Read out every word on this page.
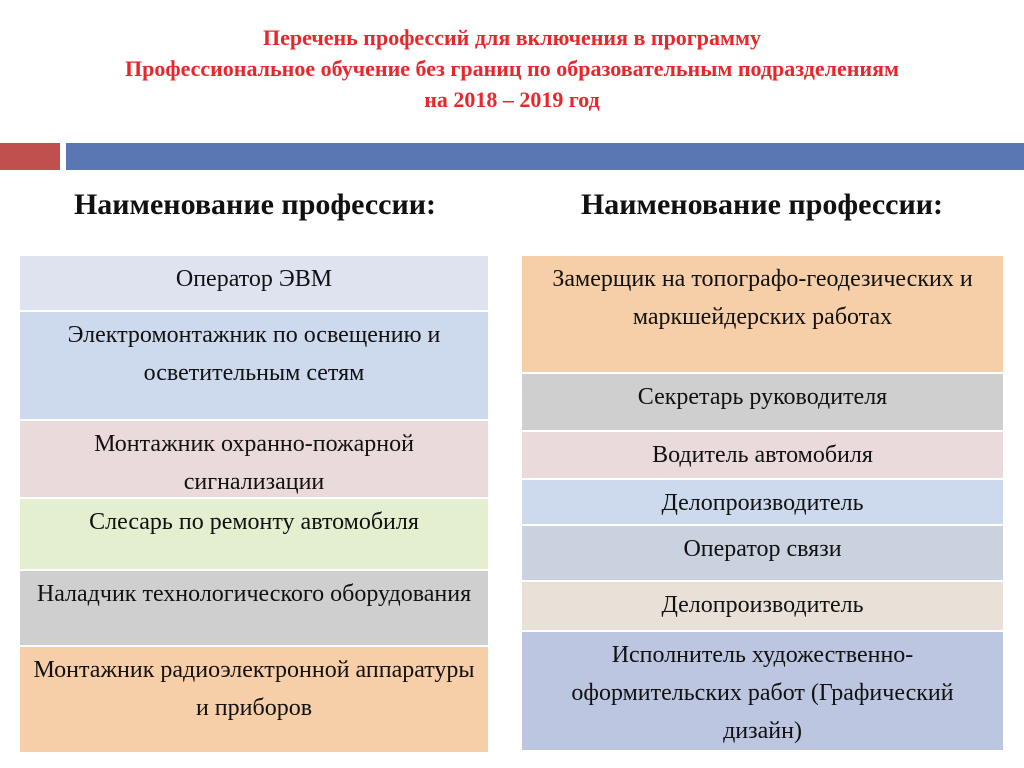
Перечень профессий для включения в программу
Профессиональное обучение без границ по образовательным подразделениям
на 2018 – 2019 год
Наименование профессии:	Наименование профессии:
Оператор ЭВМ
Электромонтажник по освещению и осветительным сетям
Монтажник охранно-пожарной сигнализации
Слесарь по ремонту автомобиля
Наладчик технологического оборудования
Монтажник радиоэлектронной аппаратуры и приборов
Замерщик на топографо-геодезических и маркшейдерских работах
Секретарь руководителя
Водитель автомобиля
Делопроизводитель
Оператор связи
Делопроизводитель
Исполнитель художественно-оформительских работ (Графический дизайн)
